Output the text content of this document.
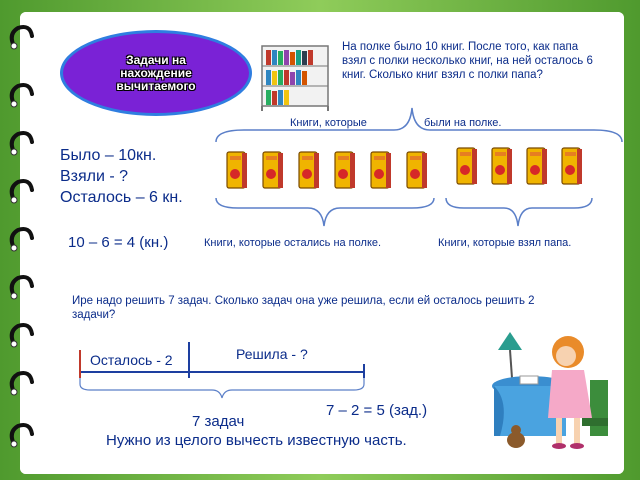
Задачи на
нахождение
вычитаемого
На полке было 10 книг. После того, как папа взял с полки несколько книг, на ней осталось 6 книг. Сколько книг взял с полки папа?
Книги, которые	были на полке.
Было – 10кн.
Взяли - ?
Осталось – 6 кн.
10 – 6 = 4 (кн.)	Книги, которые остались на полке.	Книги, которые взял папа.
Ире надо решить 7 задач. Сколько задач она уже решила, если ей осталось решить 2 задачи?
Осталось - 2	Решила - ?
7 задач
7 – 2 = 5 (зад.)
Нужно из целого вычесть известную часть.
